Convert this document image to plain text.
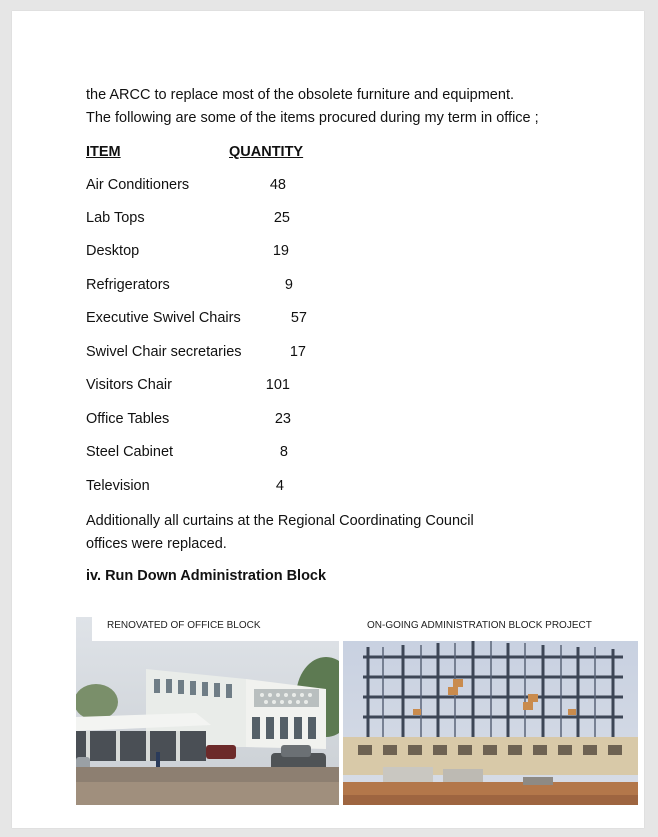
the ARCC to replace most of the obsolete furniture and equipment.
The following are some of the items procured during my term in office ;
ITEM	QUANTITY
Air Conditioners	48
Lab Tops	25
Desktop	19
Refrigerators	9
Executive Swivel Chairs	57
Swivel Chair secretaries	17
Visitors Chair	101
Office Tables	23
Steel Cabinet	8
Television	4
Additionally all curtains at the Regional Coordinating Council
offices were replaced.
iv. Run Down Administration Block
RENOVATED OF OFFICE BLOCK	ON-GOING ADMINISTRATION BLOCK PROJECT
